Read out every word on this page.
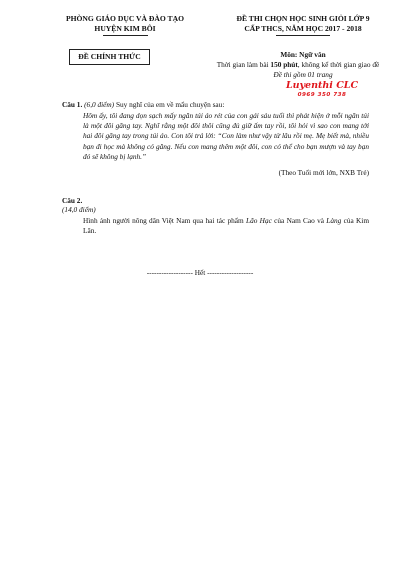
PHÒNG GIÁO DỤC VÀ ĐÀO TẠO
HUYỆN KIM BÔI
ĐỀ CHÍNH THỨC
ĐỀ THI CHỌN HỌC SINH GIỎI LỚP 9
CẤP THCS, NĂM HỌC 2017 - 2018
Môn: Ngữ văn
Thời gian làm bài 150 phút, không kể thời gian giao đề
Đề thi gồm 01 trang
Luyenthi CLC
0969 350 738
Câu 1. (6,0 điểm) Suy nghĩ của em về mẩu chuyện sau:
Hôm ấy, tôi đang dọn sạch mấy ngăn túi áo rét của con gái sáu tuổi thì phát hiện ở mỗi ngăn túi là một đôi găng tay. Nghĩ rằng một đôi thôi cũng đủ giữ ấm tay rồi, tôi hỏi vì sao con mang tới hai đôi găng tay trong túi áo. Con tôi trả lời: “Con làm như vậy từ lâu rồi mẹ. Mẹ biết mà, nhiều bạn đi học mà không có găng. Nếu con mang thêm một đôi, con có thể cho bạn mượn và tay bạn đó sẽ không bị lạnh.”
(Theo Tuổi mới lớn, NXB Trẻ)
Câu 2.
(14,0 điểm)
Hình ảnh người nông dân Việt Nam qua hai tác phẩm Lão Hạc của Nam Cao và Làng của Kim Lân.
------------------- Hết -------------------
